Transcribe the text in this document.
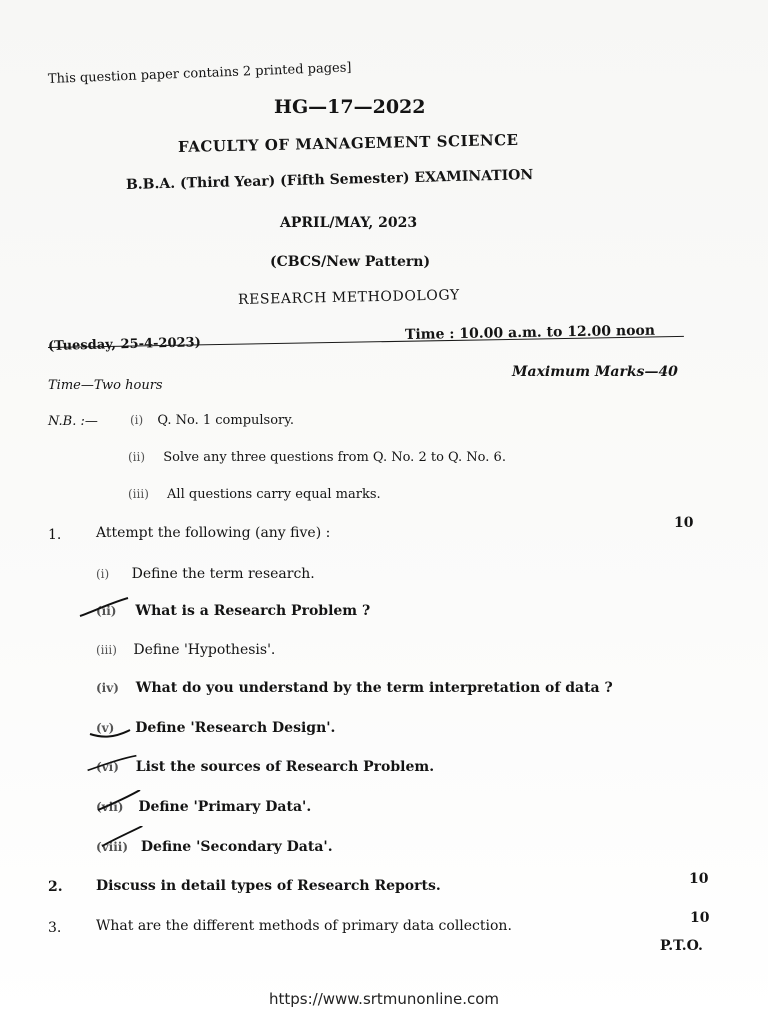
This question paper contains 2 printed pages]
HG—17—2022
FACULTY OF MANAGEMENT SCIENCE
B.B.A. (Third Year) (Fifth Semester) EXAMINATION
APRIL/MAY, 2023
(CBCS/New Pattern)
RESEARCH METHODOLOGY
(Tuesday, 25-4-2023)
Time : 10.00 a.m. to 12.00 noon
Time—Two hours
Maximum Marks—40
N.B. :—	(i) Q. No. 1 compulsory.
(ii) Solve any three questions from Q. No. 2 to Q. No. 6.
(iii) All questions carry equal marks.
1. Attempt the following (any five) :
10
(i) Define the term research.
(ii) What is a Research Problem ?
(iii) Define 'Hypothesis'.
(iv) What do you understand by the term interpretation of data ?
(v) Define 'Research Design'.
(vi) List the sources of Research Problem.
(vii) Define 'Primary Data'.
(viii) Define 'Secondary Data'.
2. Discuss in detail types of Research Reports.	10
3. What are the different methods of primary data collection.	10
P.T.O.
https://www.srtmunonline.com
